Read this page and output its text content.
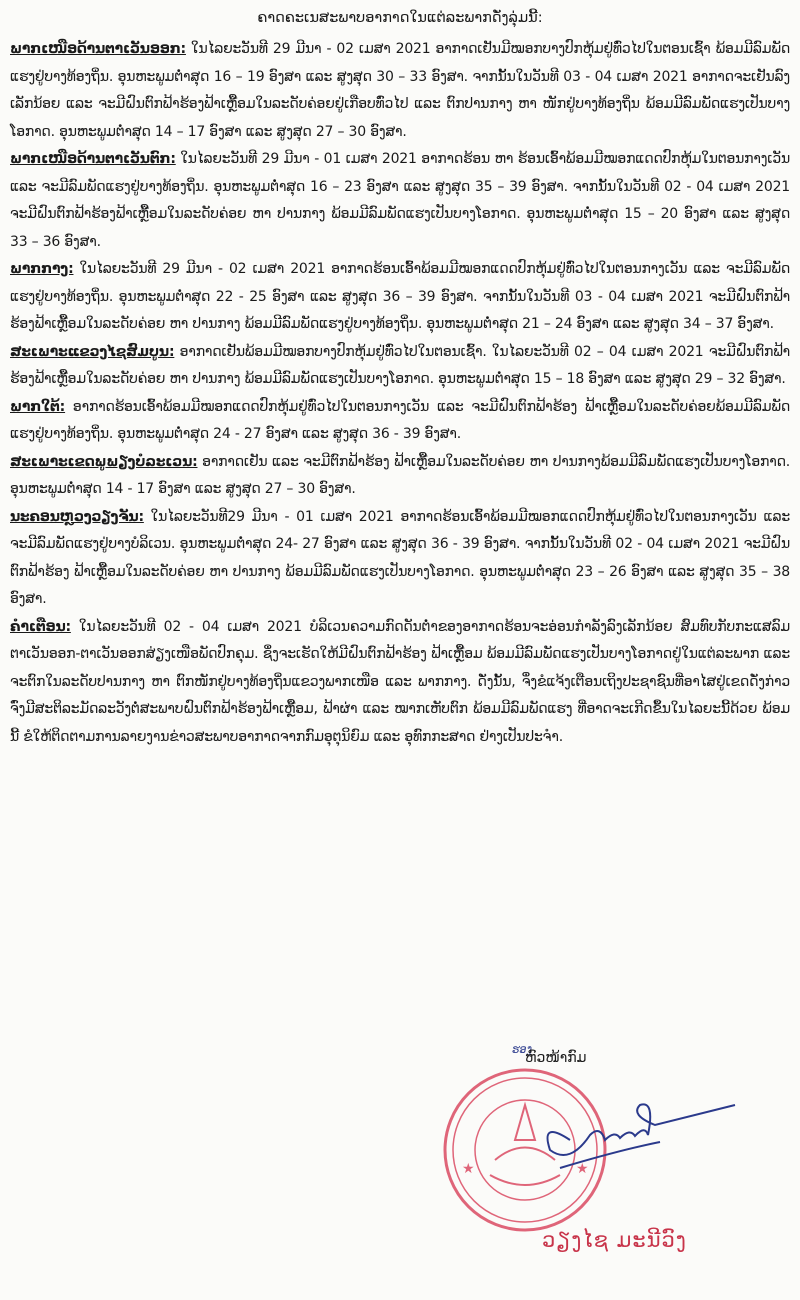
ຄາດຄະເນສະພາບອາກາດໃນແຕ່ລະພາກດັ່ງລຸ່ມນີ້:

ພາກເໜືອດ້ານຕາເວັນອອກ: ໃນໄລຍະວັນທີ 29 ມີນາ - 02 ເມສາ 2021 ອາກາດເຢັນມີໝອກບາງປົກຫຸ້ມຢູ່ທົ່ວໄປໃນຕອນເຊົ້າ ພ້ອມມີລົມພັດແຮງຢູ່ບາງທ້ອງຖິ່ນ. ອຸນຫະພູມຕໍ່າສຸດ 16 – 19 ອົງສາ ແລະ ສູງສຸດ 30 – 33 ອົງສາ. ຈາກນັ້ນໃນວັນທີ 03 - 04 ເມສາ 2021 ອາກາດຈະເຢັນລົງເລັກນ້ອຍ ແລະ ຈະມີຝົນຕົກຟ້າຮ້ອງຟ້າເຫຼື້ອມໃນລະດັບຄ່ອຍຢູ່ເກືອບທົ່ວໄປ ແລະ ຕົກປານກາງ ຫາ ໜັກຢູ່ບາງທ້ອງຖິ່ນ ພ້ອມມີລົມພັດແຮງເປັນບາງໂອກາດ. ອຸນຫະພູມຕໍ່າສຸດ 14 – 17 ອົງສາ ແລະ ສູງສຸດ 27 – 30 ອົງສາ.

ພາກເໜືອດ້ານຕາເວັນຕົກ: ໃນໄລຍະວັນທີ 29 ມີນາ - 01 ເມສາ 2021 ອາກາດຮ້ອນ ຫາ ຮ້ອນເອົ້າພ້ອມມີໝອກແດດປົກຫຸ້ມໃນຕອນກາງເວັນ ແລະ ຈະມີລົມພັດແຮງຢູ່ບາງທ້ອງຖິ່ນ. ອຸນຫະພູມຕໍ່າສຸດ 16 – 23 ອົງສາ ແລະ ສູງສຸດ 35 – 39 ອົງສາ. ຈາກນັ້ນໃນວັນທີ 02 - 04 ເມສາ 2021 ຈະມີຝົນຕົກຟ້າຮ້ອງຟ້າເຫຼື້ອມໃນລະດັບຄ່ອຍ ຫາ ປານກາງ ພ້ອມມີລົມພັດແຮງເປັນບາງໂອກາດ. ອຸນຫະພູມຕໍ່າສຸດ 15 – 20 ອົງສາ ແລະ ສູງສຸດ 33 – 36 ອົງສາ.

ພາກກາງ: ໃນໄລຍະວັນທີ 29 ມີນາ - 02 ເມສາ 2021 ອາກາດຮ້ອນເອົ້າພ້ອມມີໝອກແດດປົກຫຸ້ມຢູ່ທົ່ວໄປໃນຕອນກາງເວັນ ແລະ ຈະມີລົມພັດແຮງຢູ່ບາງທ້ອງຖິ່ນ. ອຸນຫະພູມຕໍ່າສຸດ 22 - 25 ອົງສາ ແລະ ສູງສຸດ 36 – 39 ອົງສາ. ຈາກນັ້ນໃນວັນທີ 03 - 04 ເມສາ 2021 ຈະມີຝົນຕົກຟ້າຮ້ອງຟ້າເຫຼື້ອມໃນລະດັບຄ່ອຍ ຫາ ປານກາງ ພ້ອມມີລົມພັດແຮງຢູ່ບາງທ້ອງຖິ່ນ. ອຸນຫະພູມຕໍ່າສຸດ 21 – 24 ອົງສາ ແລະ ສູງສຸດ 34 – 37 ອົງສາ.

ສະເພາະແຂວງໄຊສົມບູນ: ອາກາດເຢັນພ້ອມມີໝອກບາງປົກຫຸ້ມຢູ່ທົ່ວໄປໃນຕອນເຊົ້າ. ໃນໄລຍະວັນທີ 02 – 04 ເມສາ 2021 ຈະມີຝົນຕົກຟ້າຮ້ອງຟ້າເຫຼື້ອມໃນລະດັບຄ່ອຍ ຫາ ປານກາງ ພ້ອມມີລົມພັດແຮງເປັນບາງໂອກາດ. ອຸນຫະພູມຕໍ່າສຸດ 15 – 18 ອົງສາ ແລະ ສູງສຸດ 29 – 32 ອົງສາ.

ພາກໃຕ້: ອາກາດຮ້ອນເອົ້າພ້ອມມີໝອກແດດປົກຫຸ້ມຢູ່ທົ່ວໄປໃນຕອນກາງເວັນ ແລະ ຈະມີຝົນຕົກຟ້າຮ້ອງ ຟ້າເຫຼື້ອມໃນລະດັບຄ່ອຍພ້ອມມີລົມພັດແຮງຢູ່ບາງທ້ອງຖິ່ນ. ອຸນຫະພູມຕໍ່າສຸດ 24 - 27 ອົງສາ ແລະ ສູງສຸດ 36 - 39 ອົງສາ.

ສະເພາະເຂດພູພຽງບໍລະເວນ: ອາກາດເຢັນ ແລະ ຈະມີຕົກຟ້າຮ້ອງ ຟ້າເຫຼື້ອມໃນລະດັບຄ່ອຍ ຫາ ປານກາງພ້ອມມີລົມພັດແຮງເປັນບາງໂອກາດ. ອຸນຫະພູມຕໍ່າສຸດ 14 - 17 ອົງສາ ແລະ ສູງສຸດ 27 – 30 ອົງສາ.

ນະຄອນຫຼວງວຽງຈັນ: ໃນໄລຍະວັນທີ29 ມີນາ - 01 ເມສາ 2021 ອາກາດຮ້ອນເອົ້າພ້ອມມີໝອກແດດປົກຫຸ້ມຢູ່ທົ່ວໄປໃນຕອນກາງເວັນ ແລະ ຈະມີລົມພັດແຮງຢູ່ບາງບໍລິເວນ. ອຸນຫະພູມຕໍ່າສຸດ 24- 27 ອົງສາ ແລະ ສູງສຸດ 36 - 39 ອົງສາ. ຈາກນັ້ນໃນວັນທີ 02 - 04 ເມສາ 2021 ຈະມີຝົນຕົກຟ້າຮ້ອງ ຟ້າເຫຼື້ອມໃນລະດັບຄ່ອຍ ຫາ ປານກາງ ພ້ອມມີລົມພັດແຮງເປັນບາງໂອກາດ. ອຸນຫະພູມຕໍ່າສຸດ 23 – 26 ອົງສາ ແລະ ສູງສຸດ 35 – 38 ອົງສາ.

ຄຳເຕືອນ: ໃນໄລຍະວັນທີ 02 - 04 ເມສາ 2021 ບໍລິເວນຄວາມກົດດັນຕໍ່າຂອງອາກາດຮ້ອນຈະອ່ອນກຳລັງລົງເລັກນ້ອຍ ສົມທົບກັບກະແສລົມຕາເວັນອອກ-ຕາເວັນອອກສ່ຽງເໜືອພັດປົກຄຸມ. ຊຶ່ງຈະເຮັດໃຫ້ມີຝົນຕົກຟ້າຮ້ອງ ຟ້າເຫຼື້ອມ ພ້ອມມີລົມພັດແຮງເປັນບາງໂອກາດຢູ່ໃນແຕ່ລະພາກ ແລະ ຈະຕົກໃນລະດັບປານກາງ ຫາ ຕົກໜັກຢູ່ບາງທ້ອງຖິ່ນແຂວງພາກເໜືອ ແລະ ພາກກາງ. ດັ່ງນັ້ນ, ຈຶ່ງຂໍແຈ້ງເຕືອນເຖິງປະຊາຊົນທີ່ອາໄສຢູ່ເຂດດັ່ງກ່າວ ຈົ່ງມີສະຕິລະມັດລະວັງຕໍ່ສະພາບຝົນຕົກຟ້າຮ້ອງຟ້າເຫຼື້ອມ, ຟ້າຜ່າ ແລະ ໝາກເຫັບຕົກ ພ້ອມມີລົມພັດແຮງ ທີ່ອາດຈະເກີດຂຶ້ນໃນໄລຍະນີ້ດ້ວຍ ພ້ອມນີ້ ຂໍໃຫ້ຕິດຕາມການລາຍງານຂ່າວສະພາບອາກາດຈາກກົມອຸຕຸນິຍົມ ແລະ ອຸທົກກະສາດ ຢ່າງເປັນປະຈຳ.

ຮອງ
ຫົວໜ້າກົມ
★	★
ວຽງໄຊ ມະນີວົງ
